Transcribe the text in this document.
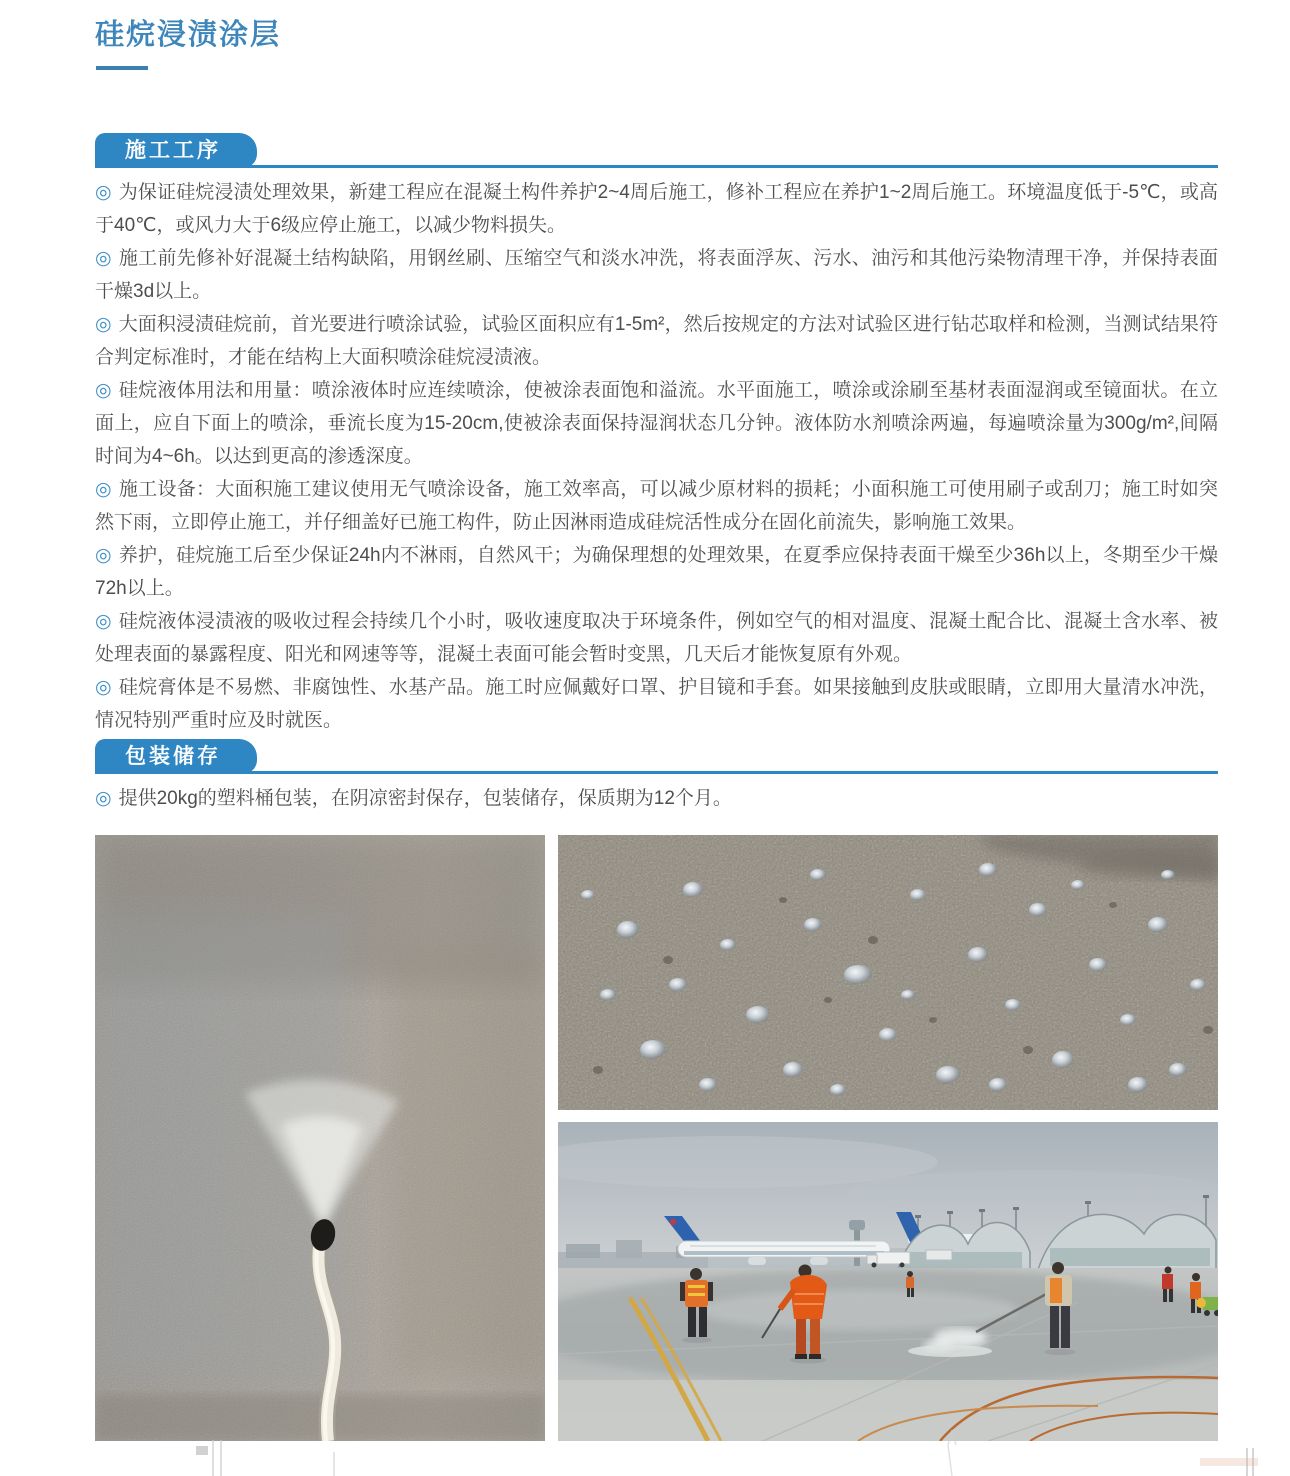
硅烷浸渍涂层
施工工序

◎ 为保证硅烷浸渍处理效果，新建工程应在混凝土构件养护2~4周后施工，修补工程应在养护1~2周后施工。环境温度低于-5℃，或高于40℃，或风力大于6级应停止施工，以减少物料损失。

◎ 施工前先修补好混凝土结构缺陷，用钢丝刷、压缩空气和淡水冲洗，将表面浮灰、污水、油污和其他污染物清理干净，并保持表面干燥3d以上。

◎ 大面积浸渍硅烷前，首光要进行喷涂试验，试验区面积应有1-5m²，然后按规定的方法对试验区进行钻芯取样和检测，当测试结果符合判定标准时，才能在结构上大面积喷涂硅烷浸渍液。

◎ 硅烷液体用法和用量：喷涂液体时应连续喷涂，使被涂表面饱和溢流。水平面施工，喷涂或涂刷至基材表面湿润或至镜面状。在立面上，应自下面上的喷涂，垂流长度为15-20cm,使被涂表面保持湿润状态几分钟。液体防水剂喷涂两遍，每遍喷涂量为300g/m²,间隔时间为4~6h。以达到更高的渗透深度。

◎ 施工设备：大面积施工建议使用无气喷涂设备，施工效率高，可以减少原材料的损耗；小面积施工可使用刷子或刮刀；施工时如突然下雨，立即停止施工，并仔细盖好已施工构件，防止因淋雨造成硅烷活性成分在固化前流失，影响施工效果。

◎ 养护，硅烷施工后至少保证24h内不淋雨，自然风干；为确保理想的处理效果，在夏季应保持表面干燥至少36h以上，冬期至少干燥72h以上。

◎ 硅烷液体浸渍液的吸收过程会持续几个小时，吸收速度取决于环境条件，例如空气的相对温度、混凝土配合比、混凝土含水率、被处理表面的暴露程度、阳光和网速等等，混凝土表面可能会暂时变黑，几天后才能恢复原有外观。

◎ 硅烷膏体是不易燃、非腐蚀性、水基产品。施工时应佩戴好口罩、护目镜和手套。如果接触到皮肤或眼睛，立即用大量清水冲洗，情况特别严重时应及时就医。

包装储存

◎ 提供20kg的塑料桶包装，在阴凉密封保存，包装储存，保质期为12个月。
